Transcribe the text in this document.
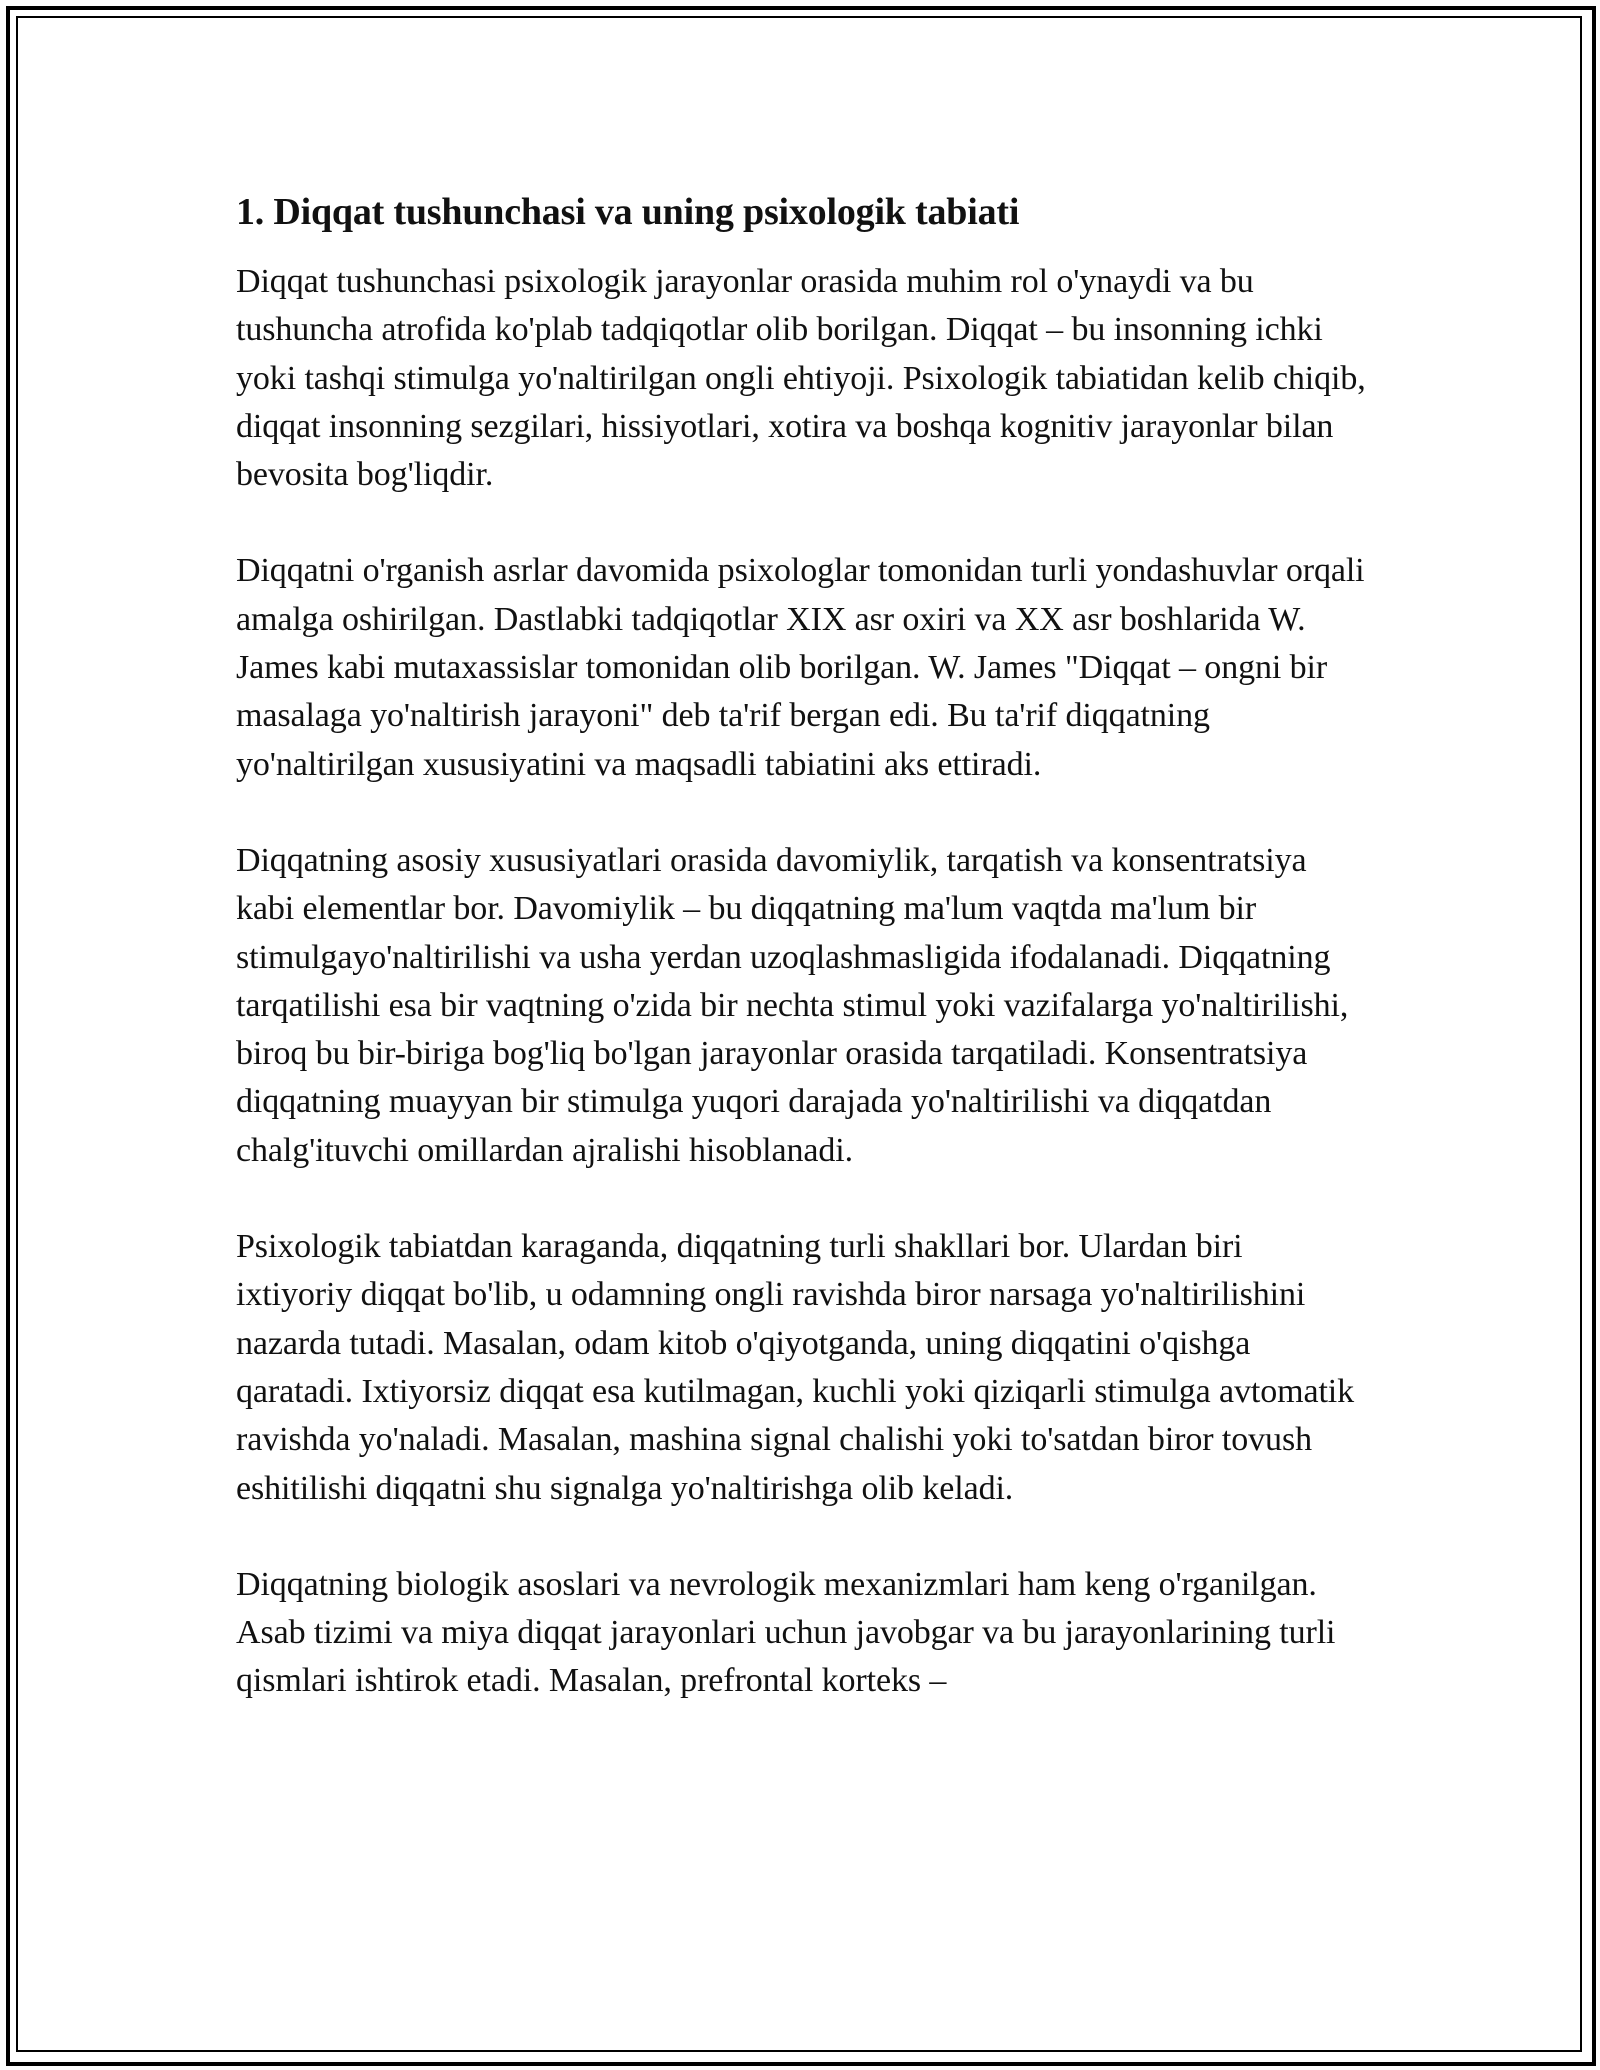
1. Diqqat tushunchasi va uning psixologik tabiati

Diqqat tushunchasi psixologik jarayonlar orasida muhim rol o'ynaydi va bu tushuncha atrofida ko'plab tadqiqotlar olib borilgan. Diqqat – bu insonning ichki yoki tashqi stimulga yo'naltirilgan ongli ehtiyoji. Psixologik tabiatidan kelib chiqib, diqqat insonning sezgilari, hissiyotlari, xotira va boshqa kognitiv jarayonlar bilan bevosita bog'liqdir.

Diqqatni o'rganish asrlar davomida psixologlar tomonidan turli yondashuvlar orqali amalga oshirilgan. Dastlabki tadqiqotlar XIX asr oxiri va XX asr boshlarida W. James kabi mutaxassislar tomonidan olib borilgan. W. James "Diqqat – ongni bir masalaga yo'naltirish jarayoni" deb ta'rif bergan edi. Bu ta'rif diqqatning yo'naltirilgan xususiyatini va maqsadli tabiatini aks ettiradi.

Diqqatning asosiy xususiyatlari orasida davomiylik, tarqatish va konsentratsiya kabi elementlar bor. Davomiylik – bu diqqatning ma'lum vaqtda ma'lum bir stimulgayo'naltirilishi va usha yerdan uzoqlashmasligida ifodalanadi. Diqqatning tarqatilishi esa bir vaqtning o'zida bir nechta stimul yoki vazifalarga yo'naltirilishi, biroq bu bir-biriga bog'liq bo'lgan jarayonlar orasida tarqatiladi. Konsentratsiya diqqatning muayyan bir stimulga yuqori darajada yo'naltirilishi va diqqatdan chalg'ituvchi omillardan ajralishi hisoblanadi.

Psixologik tabiatdan karaganda, diqqatning turli shakllari bor. Ulardan biri ixtiyoriy diqqat bo'lib, u odamning ongli ravishda biror narsaga yo'naltirilishini nazarda tutadi. Masalan, odam kitob o'qiyotganda, uning diqqatini o'qishga qaratadi. Ixtiyorsiz diqqat esa kutilmagan, kuchli yoki qiziqarli stimulga avtomatik ravishda yo'naladi. Masalan, mashina signal chalishi yoki to'satdan biror tovush eshitilishi diqqatni shu signalga yo'naltirishga olib keladi.

Diqqatning biologik asoslari va nevrologik mexanizmlari ham keng o'rganilgan. Asab tizimi va miya diqqat jarayonlari uchun javobgar va bu jarayonlarining turli qismlari ishtirok etadi. Masalan, prefrontal korteks –
